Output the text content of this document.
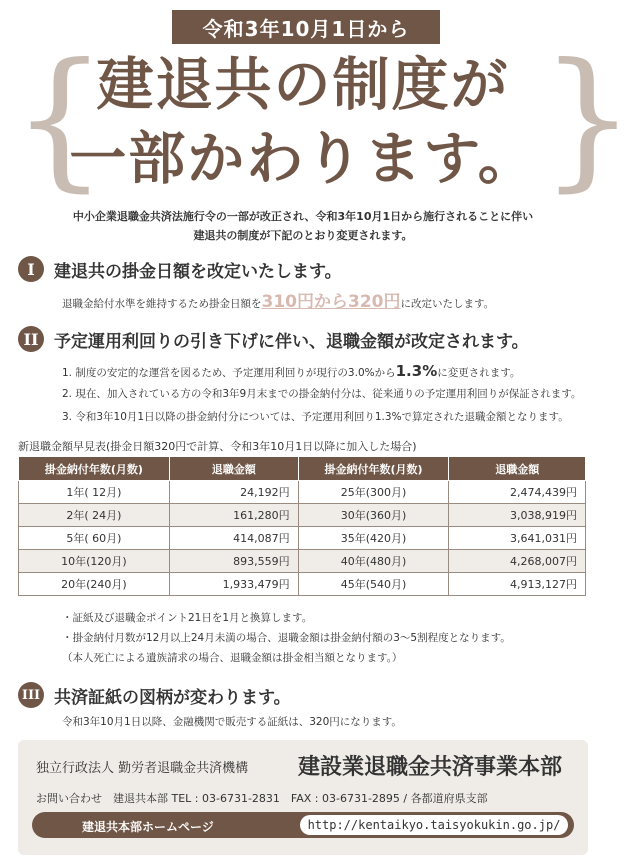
令和3年10月1日から
{	}
建退共の制度が
一部かわります。
中小企業退職金共済法施行令の一部が改正され、令和3年10月1日から施行されることに伴い
建退共の制度が下記のとおり変更されます。
I	建退共の掛金日額を改定いたします。
退職金給付水準を維持するため掛金日額を310円から320円に改定いたします。
II 予定運用利回りの引き下げに伴い、退職金額が改定されます。
1. 制度の安定的な運営を図るため、予定運用利回りが現行の3.0%から1.3%に変更されます。
2. 現在、加入されている方の令和3年9月末までの掛金納付分は、従来通りの予定運用利回りが保証されます。
3. 令和3年10月1日以降の掛金納付分については、予定運用利回り1.3%で算定された退職金額となります。
新退職金額早見表(掛金日額320円で計算、令和3年10月1日以降に加入した場合)
掛金納付年数(月数)	退職金額	掛金納付年数(月数)	退職金額
1年( 12月)	24,192円	25年(300月)	2,474,439円
2年( 24月)	161,280円	30年(360月)	3,038,919円
5年( 60月)	414,087円	35年(420月)	3,641,031円
10年(120月)	893,559円	40年(480月)	4,268,007円
20年(240月)	1,933,479円	45年(540月)	4,913,127円
・証紙及び退職金ポイント21日を1月と換算します。
・掛金納付月数が12月以上24月未満の場合、退職金額は掛金納付額の3～5割程度となります。
（本人死亡による遺族請求の場合、退職金額は掛金相当額となります。）
III 共済証紙の図柄が変わります。
令和3年10月1日以降、金融機関で販売する証紙は、320円になります。
独立行政法人 勤労者退職金共済機構 建設業退職金共済事業本部
お問い合わせ　建退共本部 TEL : 03-6731-2831　FAX : 03-6731-2895 / 各都道府県支部
建退共本部ホームページ	http://kentaikyo.taisyokukin.go.jp/
